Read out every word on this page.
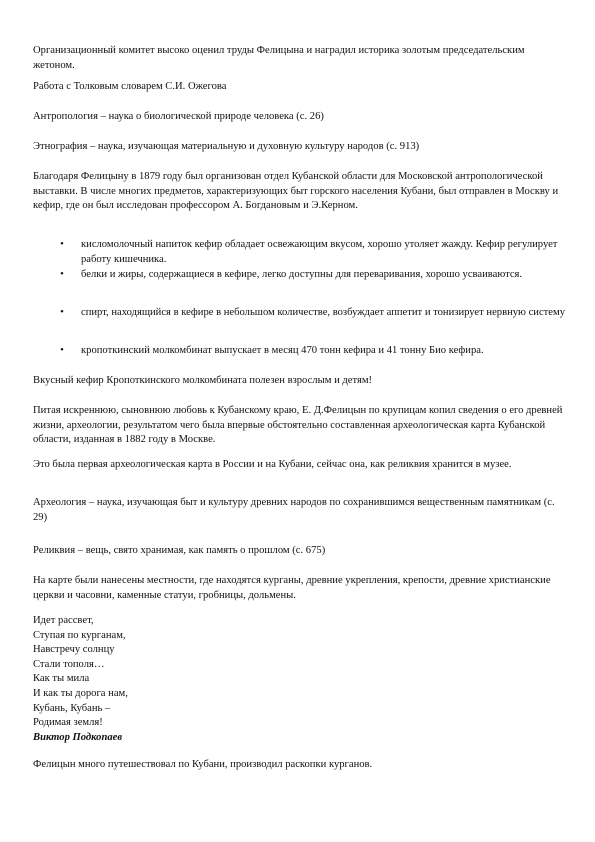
Организационный комитет высоко оценил труды Фелицына и наградил историка золотым председательским жетоном.

Работа с Толковым словарем С.И. Ожегова

Антропология – наука о биологической природе человека (с. 26)

Этнография – наука, изучающая материальную и духовную культуру народов (с. 913)

Благодаря Фелицыну в 1879 году был организован отдел Кубанской области для Московской антропологической выставки. В числе многих предметов, характеризующих быт горского населения Кубани, был отправлен в Москву и кефир, где он был исследован профессором А. Богдановым и Э.Керном.

• кисломолочный напиток кефир обладает освежающим вкусом, хорошо утоляет жажду. Кефир регулирует работу кишечника.
• белки и жиры, содержащиеся в кефире, легко доступны для переваривания, хорошо усваиваются.
• спирт, находящийся в кефире в небольшом количестве, возбуждает аппетит и тонизирует нервную систему
• кропоткинский молкомбинат выпускает в месяц 470 тонн кефира и 41 тонну Био кефира.

Вкусный кефир Кропоткинского молкомбината полезен взрослым и детям!

Питая искреннюю, сыновнюю любовь к Кубанскому краю, Е. Д.Фелицын по крупицам копил сведения о его древней жизни, археологии, результатом чего была впервые обстоятельно составленная археологическая карта Кубанской области, изданная в 1882 году в Москве.

Это была первая археологическая карта в России и на Кубани, сейчас она, как реликвия хранится в музее.

Археология – наука, изучающая быт и культуру древних народов по сохранившимся вещественным памятникам (с. 29)

Реликвия – вещь, свято хранимая, как память о прошлом (с. 675)

На карте были нанесены местности, где находятся курганы, древние укрепления, крепости, древние христианские церкви и часовни, каменные статуи, гробницы, дольмены.

Идет рассвет,

Ступая по курганам,

Навстречу солнцу

Стали тополя…

Как ты мила

И как ты дорога нам,

Кубань, Кубань –

Родимая земля!

Виктор Подкопаев

Фелицын много путешествовал по Кубани, производил раскопки курганов.
